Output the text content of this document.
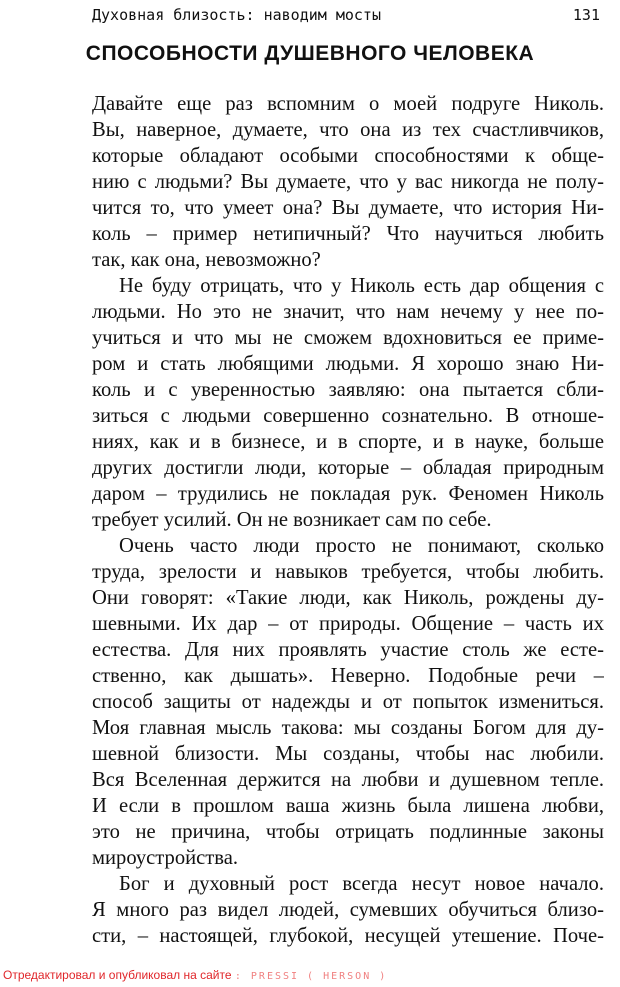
Духовная близость: наводим мосты	131
СПОСОБНОСТИ ДУШЕВНОГО ЧЕЛОВЕКА
Давайте еще раз вспомним о моей подруге Николь.
Вы, наверное, думаете, что она из тех счастливчиков,
которые обладают особыми способностями к обще-
нию с людьми? Вы думаете, что у вас никогда не полу-
чится то, что умеет она? Вы думаете, что история Ни-
коль – пример нетипичный? Что научиться любить
так, как она, невозможно?
Не буду отрицать, что у Николь есть дар общения с
людьми. Но это не значит, что нам нечему у нее по-
учиться и что мы не сможем вдохновиться ее приме-
ром и стать любящими людьми. Я хорошо знаю Ни-
коль и с уверенностью заявляю: она пытается сбли-
зиться с людьми совершенно сознательно. В отноше-
ниях, как и в бизнесе, и в спорте, и в науке, больше
других достигли люди, которые – обладая природным
даром – трудились не покладая рук. Феномен Николь
требует усилий. Он не возникает сам по себе.
Очень часто люди просто не понимают, сколько
труда, зрелости и навыков требуется, чтобы любить.
Они говорят: «Такие люди, как Николь, рождены ду-
шевными. Их дар – от природы. Общение – часть их
естества. Для них проявлять участие столь же есте-
ственно, как дышать». Неверно. Подобные речи –
способ защиты от надежды и от попыток измениться.
Моя главная мысль такова: мы созданы Богом для ду-
шевной близости. Мы созданы, чтобы нас любили.
Вся Вселенная держится на любви и душевном тепле.
И если в прошлом ваша жизнь была лишена любви,
это не причина, чтобы отрицать подлинные законы
мироустройства.
Бог и духовный рост всегда несут новое начало.
Я много раз видел людей, сумевших обучиться близо-
сти, – настоящей, глубокой, несущей утешение. Поче-
Отредактировал и опубликовал на сайте : PRESSI ( HERSON )
